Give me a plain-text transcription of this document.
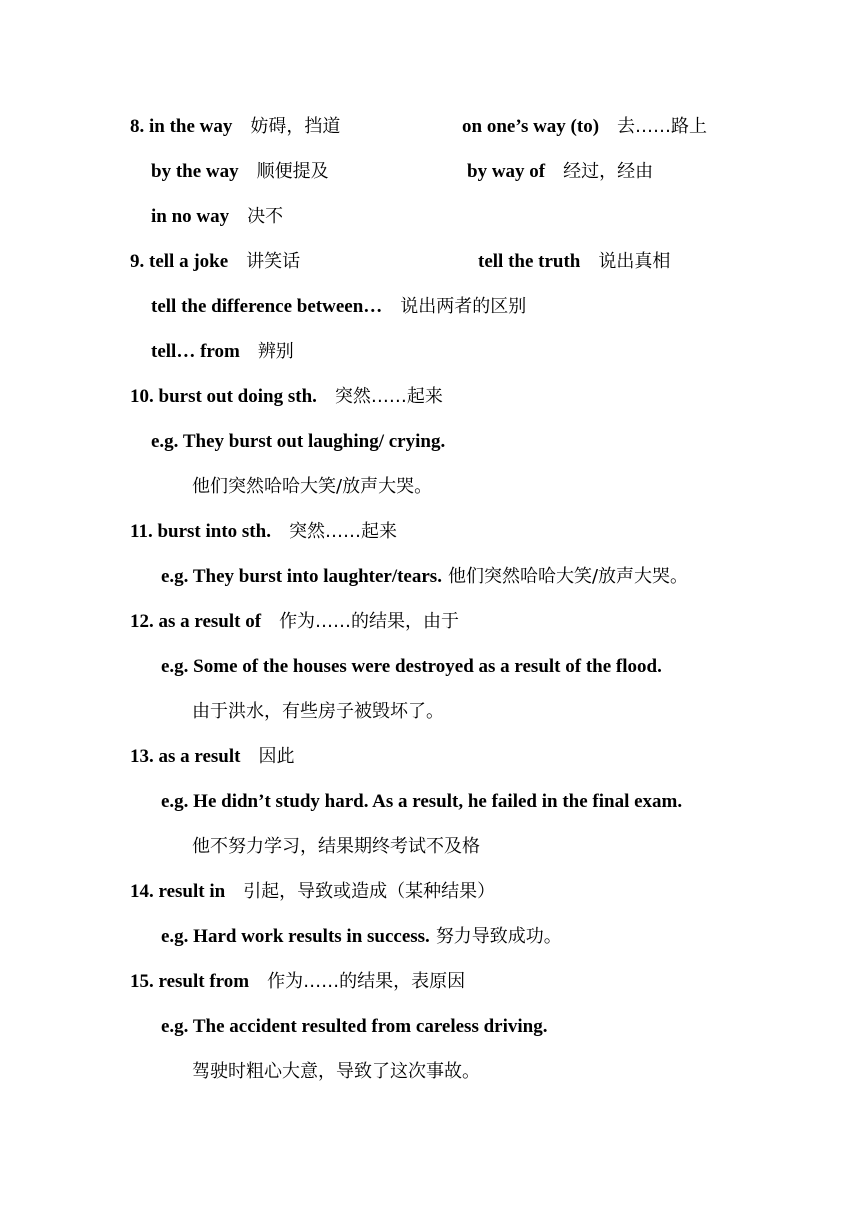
8. in the way 妨碍，挡道	on one’s way (to) 去……路上
by the way 顺便提及	by way of 经过，经由
in no way 决不
9. tell a joke 讲笑话	tell the truth 说出真相
tell the difference between… 说出两者的区别
tell… from 辨别
10. burst out doing sth. 突然……起来
e.g. They burst out laughing/ crying.
他们突然哈哈大笑/放声大哭。
11. burst into sth. 突然……起来
e.g. They burst into laughter/tears. 他们突然哈哈大笑/放声大哭。
12. as a result of 作为……的结果，由于
e.g. Some of the houses were destroyed as a result of the flood.
由于洪水，有些房子被毁坏了。
13. as a result 因此
e.g. He didn’t study hard. As a result, he failed in the final exam.
他不努力学习，结果期终考试不及格
14. result in 引起，导致或造成（某种结果）
e.g. Hard work results in success. 努力导致成功。
15. result from 作为……的结果，表原因
e.g. The accident resulted from careless driving.
驾驶时粗心大意，导致了这次事故。
